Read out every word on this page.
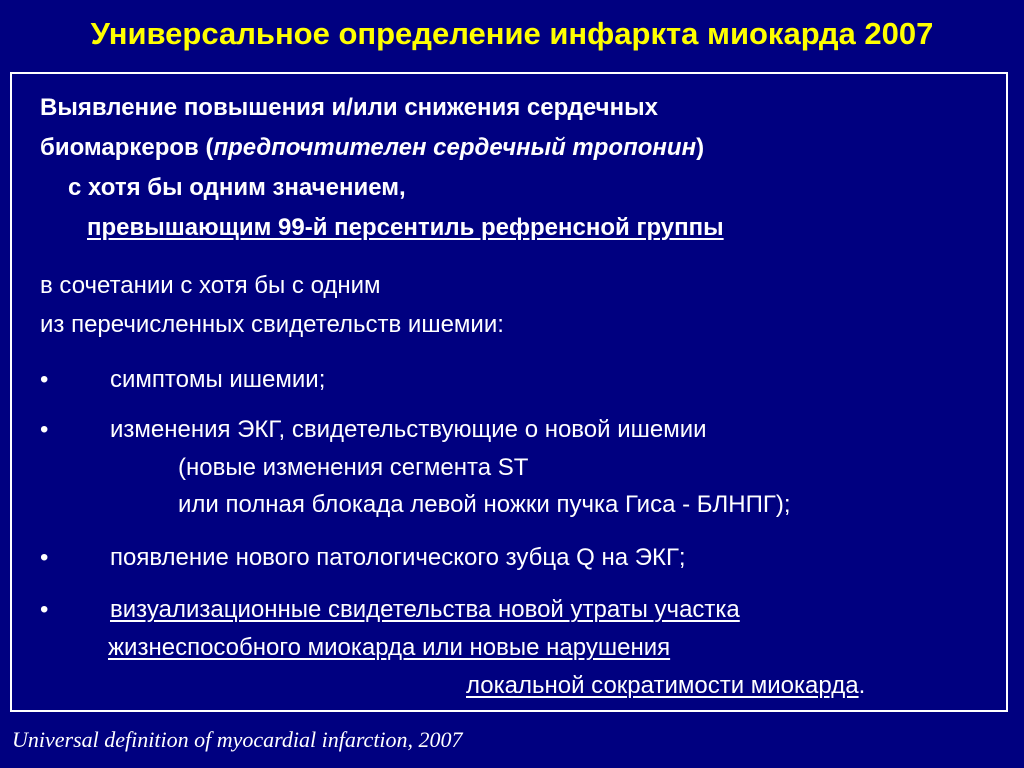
Универсальное определение инфаркта миокарда 2007
Выявление повышения и/или снижения сердечных
биомаркеров (предпочтителен сердечный тропонин)
с хотя бы одним значением,
превышающим 99-й персентиль рефренсной группы
в сочетании с хотя бы с одним
из перечисленных свидетельств ишемии:
•	симптомы ишемии;
•	изменения ЭКГ, свидетельствующие о новой ишемии
(новые изменения сегмента ST
или полная блокада левой ножки пучка Гиса - БЛНПГ);
•	появление нового патологического зубца Q на ЭКГ;
•	визуализационные свидетельства новой утраты участка
жизнеспособного миокарда или новые нарушения
локальной сократимости миокарда.
Universal definition of myocardial infarction, 2007
